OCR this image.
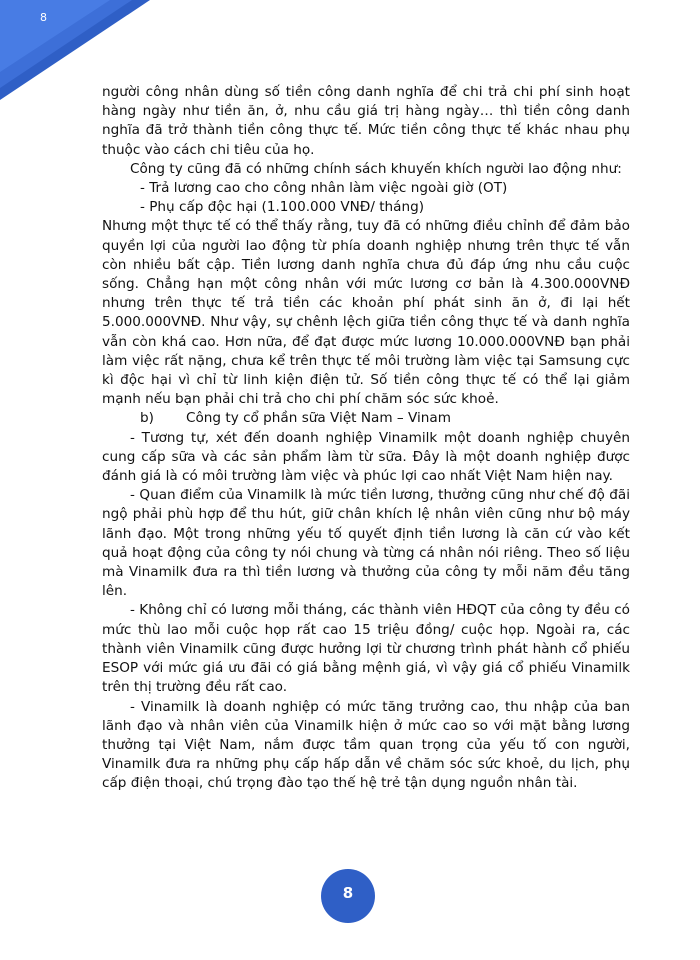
8

người công nhân dùng số tiền công danh nghĩa để chi trả chi phí sinh hoạt hàng ngày như tiền ăn, ở, nhu cầu giá trị hàng ngày… thì tiền công danh nghĩa đã trở thành tiền công thực tế. Mức tiền công thực tế khác nhau phụ thuộc vào cách chi tiêu của họ.

Công ty cũng đã có những chính sách khuyến khích người lao động như:

- Trả lương cao cho công nhân làm việc ngoài giờ (OT)

- Phụ cấp độc hại (1.100.000 VNĐ/ tháng)

Nhưng một thực tế có thể thấy rằng, tuy đã có những điều chỉnh để đảm bảo quyền lợi của người lao động từ phía doanh nghiệp nhưng trên thực tế vẫn còn nhiều bất cập. Tiền lương danh nghĩa chưa đủ đáp ứng nhu cầu cuộc sống. Chẳng hạn một công nhân với mức lương cơ bản là 4.300.000VNĐ nhưng trên thực tế trả tiền các khoản phí phát sinh ăn ở, đi lại hết 5.000.000VNĐ. Như vậy, sự chênh lệch giữa tiền công thực tế và danh nghĩa vẫn còn khá cao. Hơn nữa, để đạt được mức lương 10.000.000VNĐ bạn phải làm việc rất nặng, chưa kể trên thực tế môi trường làm việc tại Samsung cực kì độc hại vì chỉ từ linh kiện điện tử. Số tiền công thực tế có thể lại giảm mạnh nếu bạn phải chi trả cho chi phí chăm sóc sức khoẻ.

b) Công ty cổ phần sữa Việt Nam – Vinam

- Tương tự, xét đến doanh nghiệp Vinamilk một doanh nghiệp chuyên cung cấp sữa và các sản phẩm làm từ sữa. Đây là một doanh nghiệp được đánh giá là có môi trường làm việc và phúc lợi cao nhất Việt Nam hiện nay.

- Quan điểm của Vinamilk là mức tiền lương, thưởng cũng như chế độ đãi ngộ phải phù hợp để thu hút, giữ chân khích lệ nhân viên cũng như bộ máy lãnh đạo. Một trong những yếu tố quyết định tiền lương là căn cứ vào kết quả hoạt động của công ty nói chung và từng cá nhân nói riêng. Theo số liệu mà Vinamilk đưa ra thì tiền lương và thưởng của công ty mỗi năm đều tăng lên.

- Không chỉ có lương mỗi tháng, các thành viên HĐQT của công ty đều có mức thù lao mỗi cuộc họp rất cao 15 triệu đồng/ cuộc họp. Ngoài ra, các thành viên Vinamilk cũng được hưởng lợi từ chương trình phát hành cổ phiếu ESOP với mức giá ưu đãi có giá bằng mệnh giá, vì vậy giá cổ phiếu Vinamilk trên thị trường đều rất cao.

- Vinamilk là doanh nghiệp có mức tăng trưởng cao, thu nhập của ban lãnh đạo và nhân viên của Vinamilk hiện ở mức cao so với mặt bằng lương thưởng tại Việt Nam, nắm được tầm quan trọng của yếu tố con người, Vinamilk đưa ra những phụ cấp hấp dẫn về chăm sóc sức khoẻ, du lịch, phụ cấp điện thoại, chú trọng đào tạo thế hệ trẻ tận dụng nguồn nhân tài.

8
